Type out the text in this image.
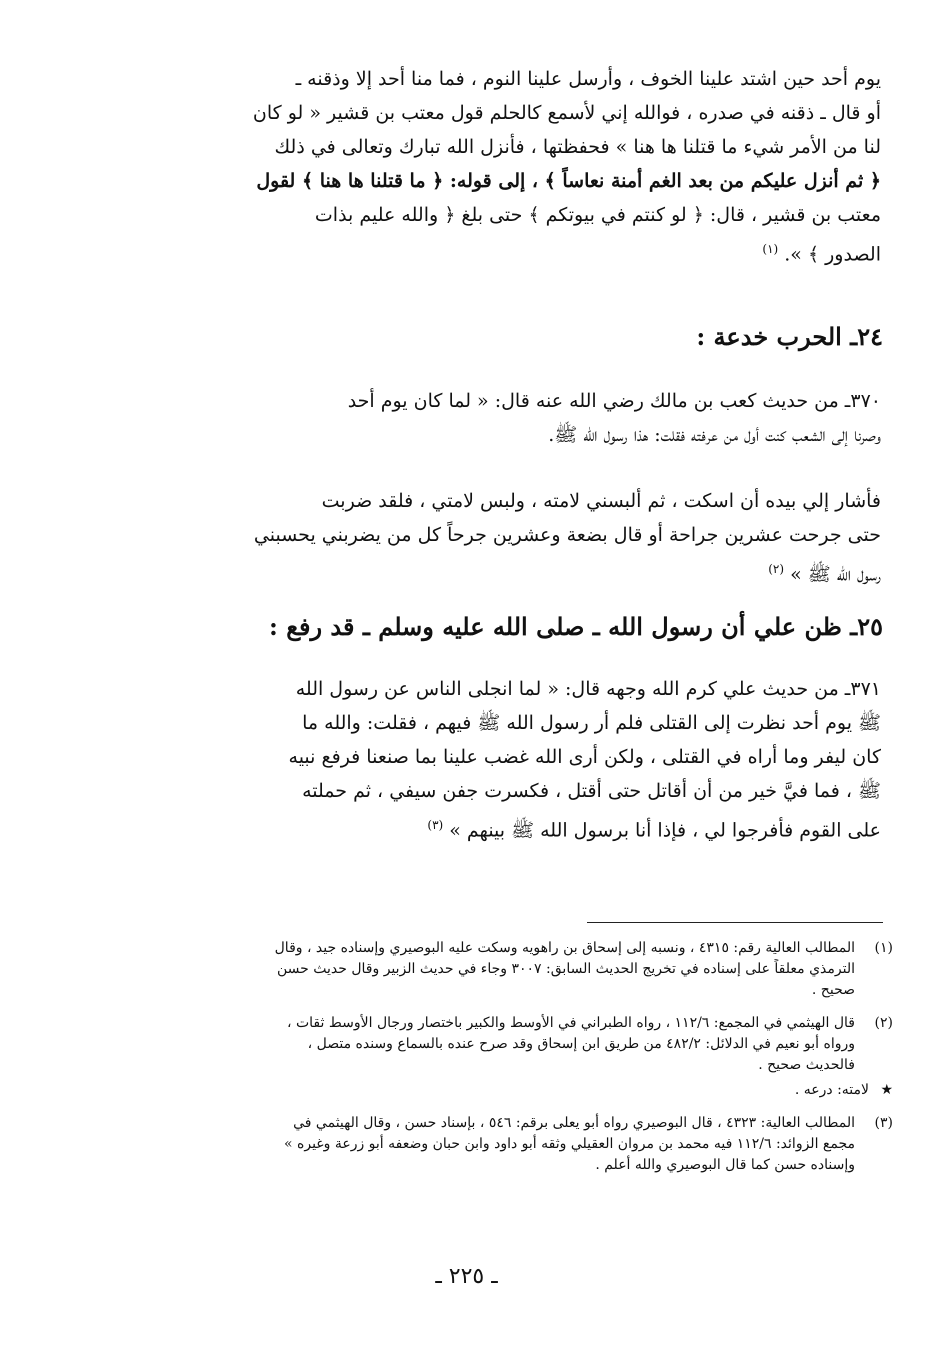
يوم أحد حين اشتد علينا الخوف ، وأرسل علينا النوم ، فما منا أحد إلا وذقنه ـ
أو قال ـ ذقنه في صدره ، فوالله إني لأسمع كالحلم قول معتب بن قشير « لو كان
لنا من الأمر شيء ما قتلنا ها هنا » فحفظتها ، فأنزل الله تبارك وتعالى في ذلك
﴿ ثم أنزل عليكم من بعد الغم أمنة نعاساً ﴾ ، إلى قوله: ﴿ ما قتلنا ها هنا ﴾ لقول
معتب بن قشير ، قال: ﴿ لو كنتم في بيوتكم ﴾ حتى بلغ ﴿ والله عليم بذات
الصدور ﴾ ». $^{(١)}$
٢٤ـ الحرب خدعة :
٣٧٠ـ من حديث كعب بن مالك رضي الله عنه قال: « لما كان يوم أحد
وصرنا إلى الشعب كنت أول من عرفته فقلت: هذا رسول الله ﷺ.
فأشار إلي بيده أن اسكت ، ثم ألبسني لامته ، ولبس لامتي ، فلقد ضربت
حتى جرحت عشرين جراحة أو قال بضعة وعشرين جرحاً كل من يضربني يحسبني
رسول الله ﷺ » $^{(٢)}$
٢٥ـ ظن علي أن رسول الله ـ صلى الله عليه وسلم ـ قد رفع :
٣٧١ـ من حديث علي كرم الله وجهه قال: « لما انجلى الناس عن رسول الله
ﷺ يوم أحد نظرت إلى القتلى فلم أر رسول الله ﷺ فيهم ، فقلت: والله ما
كان ليفر وما أراه في القتلى ، ولكن أرى الله غضب علينا بما صنعنا فرفع نبيه
ﷺ ، فما فيَّ خير من أن أقاتل حتى أقتل ، فكسرت جفن سيفي ، ثم حملته
على القوم فأفرجوا لي ، فإذا أنا برسول الله ﷺ بينهم » $^{(٣)}$
(١)
المطالب العالية رقم: ٤٣١٥ ، ونسبه إلى إسحاق بن راهويه وسكت عليه البوصيري وإسناده جيد ، وقال
الترمذي معلقاً على إسناده في تخريج الحديث السابق: ٣٠٠٧ وجاء في حديث الزبير وقال حديث حسن
صحيح .
(٢)
قال الهيثمي في المجمع: ١١٢/٦ ، رواه الطبراني في الأوسط والكبير باختصار ورجال الأوسط ثقات ،
ورواه أبو نعيم في الدلائل: ٤٨٢/٢ من طريق ابن إسحاق وقد صرح عنده بالسماع وسنده متصل ،
فالحديث صحيح .
★
لامته: درعه .
(٣)
المطالب العالية: ٤٣٢٣ ، قال البوصيري رواه أبو يعلى برقم: ٥٤٦ ، بإسناد حسن ، وقال الهيثمي في
مجمع الزوائد: ١١٢/٦ فيه محمد بن مروان العقيلي وثقه أبو داود وابن حبان وضعفه أبو زرعة وغيره »
وإسناده حسن كما قال البوصيري والله أعلم .
ـ ٢٢٥ ـ
